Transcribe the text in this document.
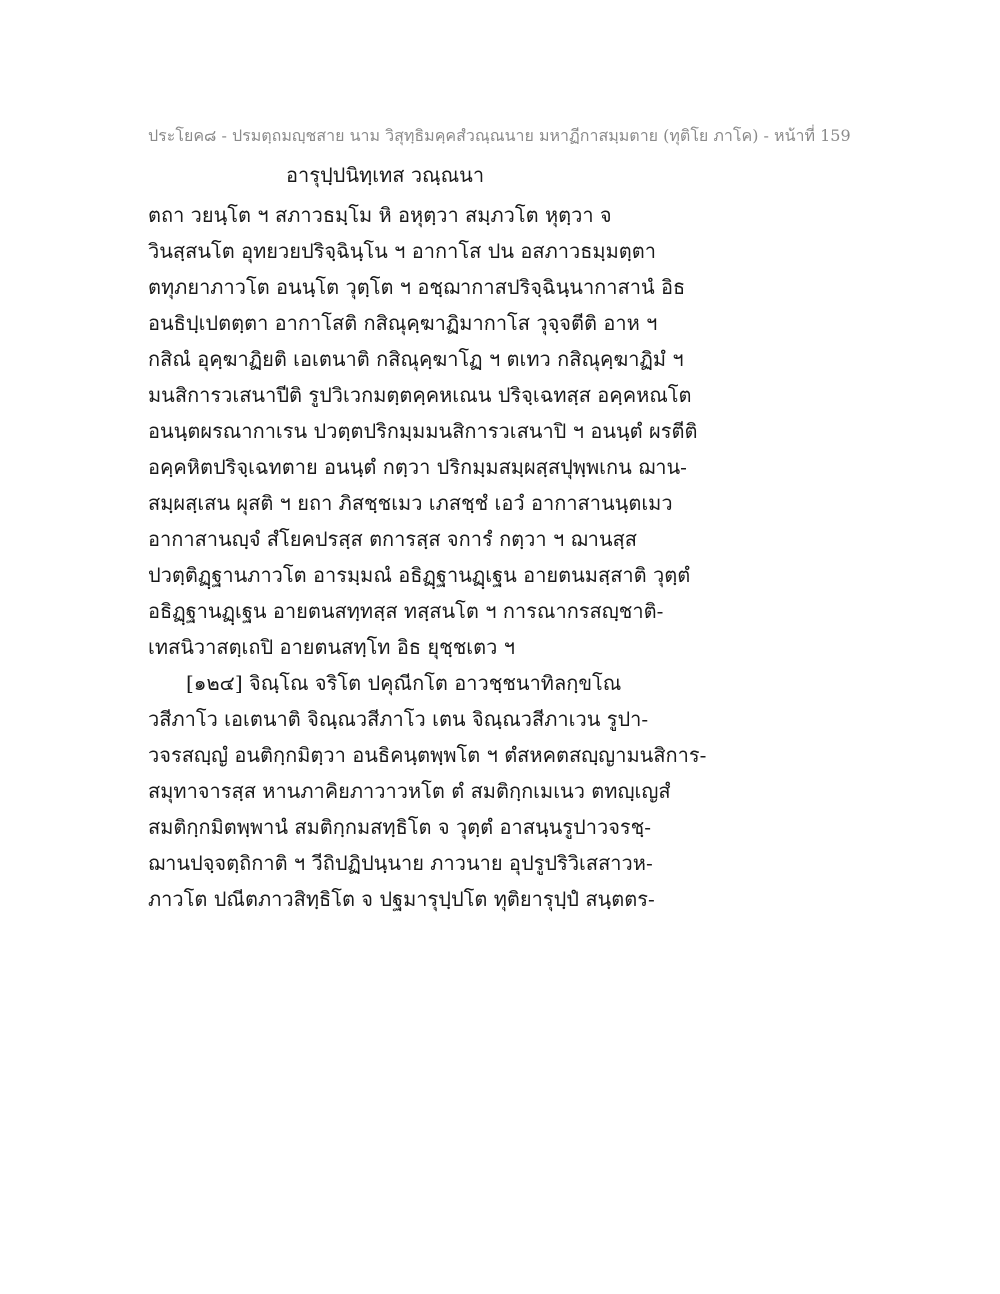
ประโยค๘ - ปรมตฺถมญฺชสาย นาม วิสุทฺธิมคฺคสํวณฺณนาย มหาฏีกาสมฺมตาย (ทุติโย ภาโค) - หน้าที่ 159
อารุปฺปนิทฺเทส วณฺณนา
ตถา วยนฺโต ฯ สภาวธมฺโม หิ อหุตฺวา สมฺภวโต หุตฺวา จ
วินสฺสนโต อุทยวยปริจฺฉินฺโน ฯ อากาโส ปน อสภาวธมฺมตฺตา
ตทุภยาภาวโต อนนฺโต วุตฺโต ฯ อชฺฌากาสปริจฺฉินฺนากาสานํ อิธ
อนธิปฺเปตตฺตา อากาโสติ กสิณุคฺฆาฏิมากาโส วุจฺจตีติ อาห ฯ
กสิณํ อุคฺฆาฏิยติ เอเตนาติ กสิณุคฺฆาโฏ ฯ ตเทว กสิณุคฺฆาฏิมํ ฯ
มนสิการวเสนาปีติ รูปวิเวกมตฺตคฺคหเณน ปริจฺเฉทสฺส อคฺคหณโต
อนนฺตผรณากาเรน ปวตฺตปริกมฺมมนสิการวเสนาปิ ฯ อนนฺตํ ผรตีติ
อคฺคหิตปริจฺเฉทตาย อนนฺตํ กตฺวา ปริกมฺมสมฺผสฺสปุพฺพเกน ฌาน-
สมฺผสฺเสน ผุสติ ฯ ยถา ภิสชฺชเมว เภสชฺชํ เอวํ อากาสานนฺตเมว
อากาสานญฺจํ สํโยคปรสฺส ตการสฺส จการํ กตฺวา ฯ ฌานสฺส
ปวตฺติฏฺฐานภาวโต อารมฺมณํ อธิฏฺฐานฏฺเฐน อายตนมสฺสาติ วุตฺตํ
อธิฏฺฐานฏฺเฐน อายตนสทฺทสฺส ทสฺสนโต ฯ การณากรสญฺชาติ-
เทสนิวาสตฺเถปิ อายตนสทฺโท อิธ ยุชฺชเตว ฯ
[๑๒๔] จิณฺโณ จริโต ปคุณีกโต อาวชฺชนาทิลกฺขโณ
วสีภาโว เอเตนาติ จิณฺณวสีภาโว เตน จิณฺณวสีภาเวน รูปา-
วจรสญฺญํ อนติกฺกมิตฺวา อนธิคนฺตพฺพโต ฯ ตํสหคตสญฺญามนสิการ-
สมุทาจารสฺส หานภาคิยภาวาวหโต ตํ สมติกฺกเมเนว ตทญฺเญสํ
สมติกฺกมิตพฺพานํ สมติกฺกมสทฺธิโต จ วุตฺตํ อาสนฺนรูปาวจรชฺ-
ฌานปจฺจตฺถิกาติ ฯ วีถิปฏิปนฺนาย ภาวนาย อุปรูปริวิเสสาวห-
ภาวโต ปณีตภาวสิทฺธิโต จ ปฐมารุปฺปโต ทุติยารุปฺปํ สนฺตตร-
